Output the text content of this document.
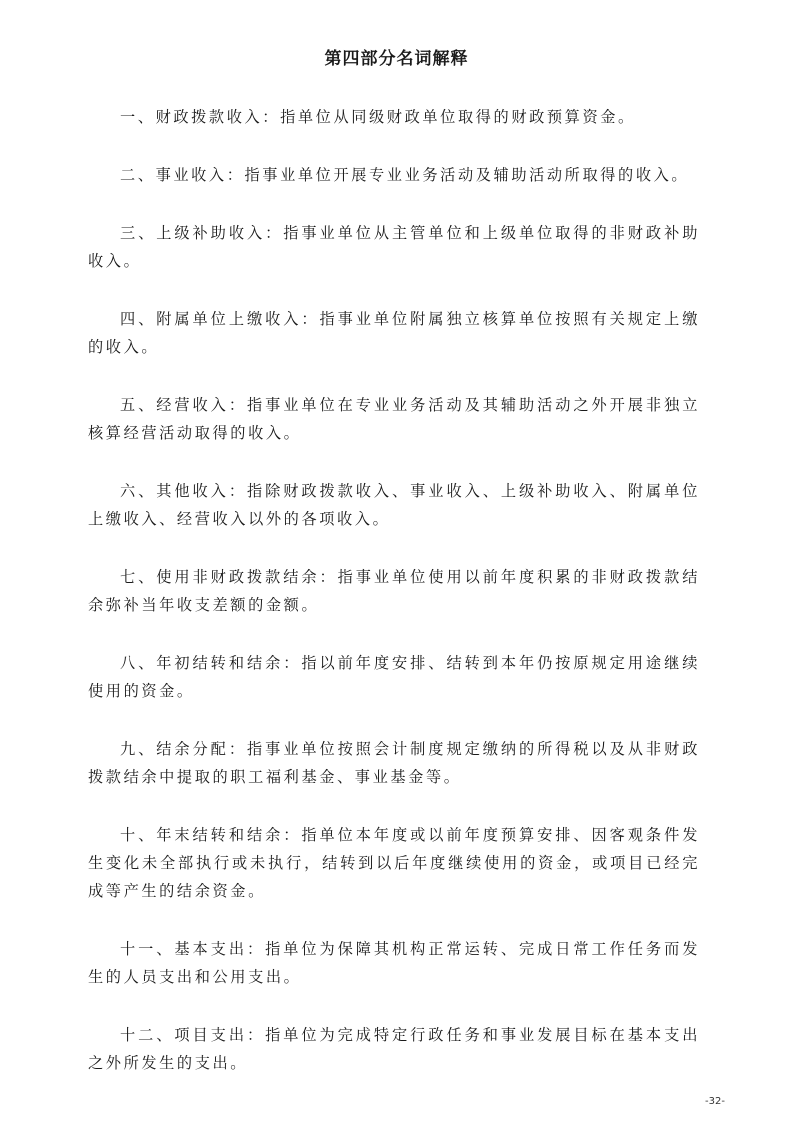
第四部分名词解释

一、财政拨款收入：指单位从同级财政单位取得的财政预算资金。

二、事业收入：指事业单位开展专业业务活动及辅助活动所取得的收入。

三、上级补助收入：指事业单位从主管单位和上级单位取得的非财政补助收入。

四、附属单位上缴收入：指事业单位附属独立核算单位按照有关规定上缴的收入。

五、经营收入：指事业单位在专业业务活动及其辅助活动之外开展非独立核算经营活动取得的收入。

六、其他收入：指除财政拨款收入、事业收入、上级补助收入、附属单位上缴收入、经营收入以外的各项收入。

七、使用非财政拨款结余：指事业单位使用以前年度积累的非财政拨款结余弥补当年收支差额的金额。

八、年初结转和结余：指以前年度安排、结转到本年仍按原规定用途继续使用的资金。

九、结余分配：指事业单位按照会计制度规定缴纳的所得税以及从非财政拨款结余中提取的职工福利基金、事业基金等。

十、年末结转和结余：指单位本年度或以前年度预算安排、因客观条件发生变化未全部执行或未执行，结转到以后年度继续使用的资金，或项目已经完成等产生的结余资金。

十一、基本支出：指单位为保障其机构正常运转、完成日常工作任务而发生的人员支出和公用支出。

十二、项目支出：指单位为完成特定行政任务和事业发展目标在基本支出之外所发生的支出。

-32-
